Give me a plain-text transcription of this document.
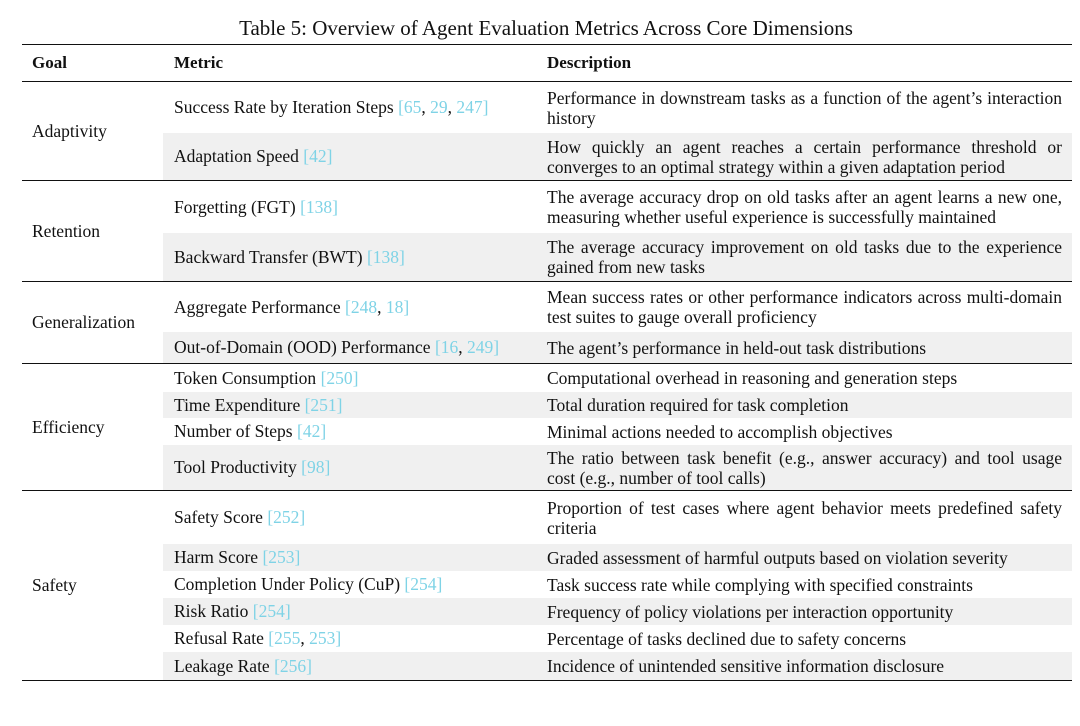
Table 5: Overview of Agent Evaluation Metrics Across Core Dimensions
Goal	Metric	Description
Adaptivity
Success Rate by Iteration Steps [65, 29, 247]	Performance in downstream tasks as a function of the agent’s interaction history
Adaptation Speed [42]	How quickly an agent reaches a certain performance threshold or converges to an optimal strategy within a given adaptation period
Retention
Forgetting (FGT) [138]	The average accuracy drop on old tasks after an agent learns a new one, measuring whether useful experience is successfully maintained
Backward Transfer (BWT) [138]	The average accuracy improvement on old tasks due to the experience gained from new tasks
Generalization
Aggregate Performance [248, 18]	Mean success rates or other performance indicators across multi-domain test suites to gauge overall proficiency
Out-of-Domain (OOD) Performance [16, 249]	The agent’s performance in held-out task distributions
Efficiency
Token Consumption [250]	Computational overhead in reasoning and generation steps
Time Expenditure [251]	Total duration required for task completion
Number of Steps [42]	Minimal actions needed to accomplish objectives
Tool Productivity [98]	The ratio between task benefit (e.g., answer accuracy) and tool usage cost (e.g., number of tool calls)
Safety
Safety Score [252]	Proportion of test cases where agent behavior meets predefined safety criteria
Harm Score [253]	Graded assessment of harmful outputs based on violation severity
Completion Under Policy (CuP) [254]	Task success rate while complying with specified constraints
Risk Ratio [254]	Frequency of policy violations per interaction opportunity
Refusal Rate [255, 253]	Percentage of tasks declined due to safety concerns
Leakage Rate [256]	Incidence of unintended sensitive information disclosure
